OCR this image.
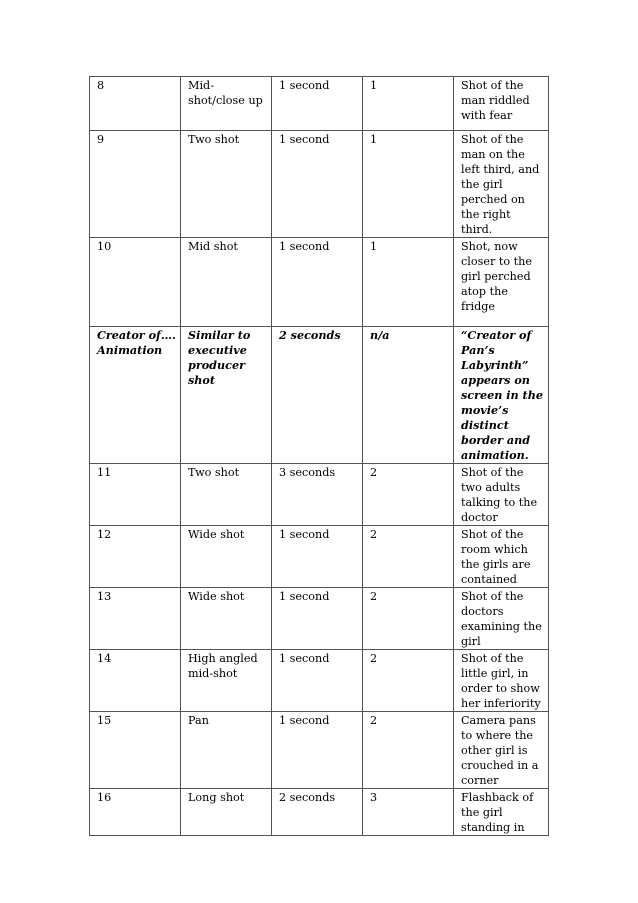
8	Mid-shot/close up	1 second	1	Shot of the man riddled with fear
9	Two shot	1 second	1	Shot of the man on the left third, and the girl perched on the right third.
10	Mid shot	1 second	1	Shot, now closer to the girl perched atop the fridge
Creator of…. Animation	Similar to executive producer shot	2 seconds	n/a	“Creator of Pan’s Labyrinth” appears on screen in the movie’s distinct border and animation.
11	Two shot	3 seconds	2	Shot of the two adults talking to the doctor
12	Wide shot	1 second	2	Shot of the room which the girls are contained
13	Wide shot	1 second	2	Shot of the doctors examining the girl
14	High angled mid-shot	1 second	2	Shot of the little girl, in order to show her inferiority
15	Pan	1 second	2	Camera pans to where the other girl is crouched in a corner
16	Long shot	2 seconds	3	Flashback of the girl standing in
